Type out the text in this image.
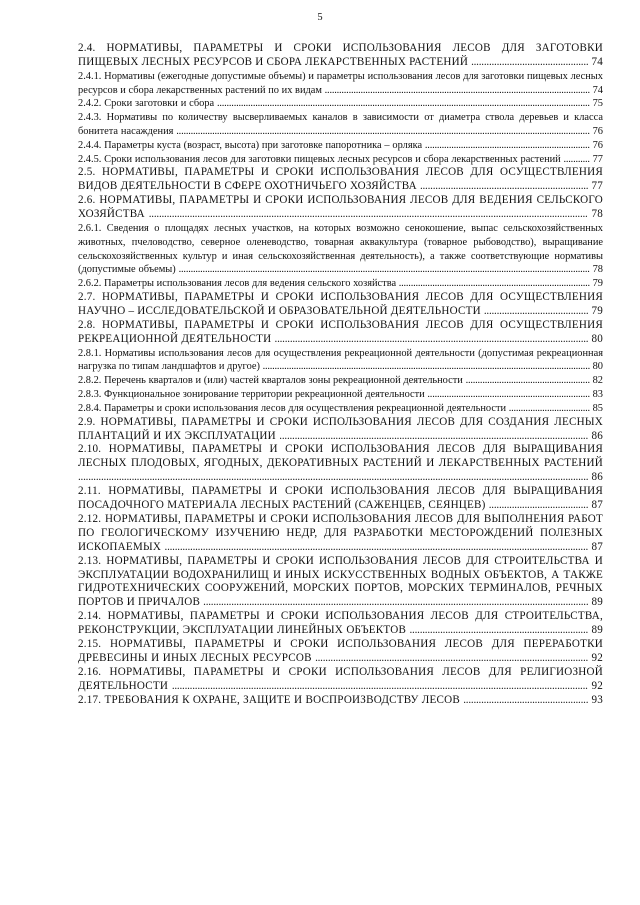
5
2.4. НОРМАТИВЫ, ПАРАМЕТРЫ И СРОКИ ИСПОЛЬЗОВАНИЯ ЛЕСОВ ДЛЯ ЗАГОТОВКИ ПИЩЕВЫХ ЛЕСНЫХ РЕСУРСОВ И СБОРА ЛЕКАРСТВЕННЫХ РАСТЕНИЙ .............................................. 74
2.4.1. Нормативы (ежегодные допустимые объемы) и параметры использования лесов для заготовки пищевых лесных ресурсов и сбора лекарственных растений по их видам ............................................................................................................... 74
2.4.2. Сроки заготовки и сбора ............................................................................................................................................................ 75
2.4.3. Нормативы по количеству высверливаемых каналов в зависимости от диаметра ствола деревьев и класса бонитета насаждения ............................................................................................................................................................................. 76
2.4.4. Параметры куста (возраст, высота) при заготовке папоротника – орляка ..................................................................... 76
2.4.5. Сроки использования лесов для заготовки пищевых лесных ресурсов и сбора лекарственных растений ........... 77
2.5. НОРМАТИВЫ, ПАРАМЕТРЫ И СРОКИ ИСПОЛЬЗОВАНИЯ ЛЕСОВ ДЛЯ ОСУЩЕСТВЛЕНИЯ ВИДОВ ДЕЯТЕЛЬНОСТИ В СФЕРЕ ОХОТНИЧЬЕГО ХОЗЯЙСТВА .................................................................. 77
2.6. НОРМАТИВЫ, ПАРАМЕТРЫ И СРОКИ ИСПОЛЬЗОВАНИЯ ЛЕСОВ ДЛЯ ВЕДЕНИЯ СЕЛЬСКОГО ХОЗЯЙСТВА ............................................................................................................................................................................ 78
2.6.1. Сведения о площадях лесных участков, на которых возможно сенокошение, выпас сельскохозяйственных животных, пчеловодство, северное оленеводство, товарная аквакультура (товарное рыбоводство), выращивание сельскохозяйственных культур и иная сельскохозяйственная деятельность), а также соответствующие нормативы (допустимые объемы) ............................................................................................................................................................................ 78
2.6.2. Параметры использования лесов для ведения сельского хозяйства ................................................................................ 79
2.7. НОРМАТИВЫ, ПАРАМЕТРЫ И СРОКИ ИСПОЛЬЗОВАНИЯ ЛЕСОВ ДЛЯ ОСУЩЕСТВЛЕНИЯ НАУЧНО – ИССЛЕДОВАТЕЛЬСКОЙ И ОБРАЗОВАТЕЛЬНОЙ ДЕЯТЕЛЬНОСТИ ......................................... 79
2.8. НОРМАТИВЫ, ПАРАМЕТРЫ И СРОКИ ИСПОЛЬЗОВАНИЯ ЛЕСОВ ДЛЯ ОСУЩЕСТВЛЕНИЯ РЕКРЕАЦИОННОЙ ДЕЯТЕЛЬНОСТИ ........................................................................................................................... 80
2.8.1. Нормативы использования лесов для осуществления рекреационной деятельности (допустимая рекреационная нагрузка по типам ландшафтов и другое) ......................................................................................................................................... 80
2.8.2. Перечень кварталов и (или) частей кварталов зоны рекреационной деятельности .................................................... 82
2.8.3. Функциональное зонирование территории рекреационной деятельности .................................................................... 83
2.8.4. Параметры и сроки использования лесов для осуществления рекреационной деятельности .................................. 85
2.9. НОРМАТИВЫ, ПАРАМЕТРЫ И СРОКИ ИСПОЛЬЗОВАНИЯ ЛЕСОВ ДЛЯ СОЗДАНИЯ ЛЕСНЫХ ПЛАНТАЦИЙ И ИХ ЭКСПЛУАТАЦИИ ......................................................................................................................... 86
2.10. НОРМАТИВЫ, ПАРАМЕТРЫ И СРОКИ ИСПОЛЬЗОВАНИЯ ЛЕСОВ ДЛЯ ВЫРАЩИВАНИЯ ЛЕСНЫХ ПЛОДОВЫХ, ЯГОДНЫХ, ДЕКОРАТИВНЫХ РАСТЕНИЙ И ЛЕКАРСТВЕННЫХ РАСТЕНИЙ ........................................................................................................................................................................................................ 86
2.11. НОРМАТИВЫ, ПАРАМЕТРЫ И СРОКИ ИСПОЛЬЗОВАНИЯ ЛЕСОВ ДЛЯ ВЫРАЩИВАНИЯ ПОСАДОЧНОГО МАТЕРИАЛА ЛЕСНЫХ РАСТЕНИЙ (САЖЕНЦЕВ, СЕЯНЦЕВ) ....................................... 87
2.12. НОРМАТИВЫ, ПАРАМЕТРЫ И СРОКИ ИСПОЛЬЗОВАНИЯ ЛЕСОВ ДЛЯ ВЫПОЛНЕНИЯ РАБОТ ПО ГЕОЛОГИЧЕСКОМУ ИЗУЧЕНИЮ НЕДР, ДЛЯ РАЗРАБОТКИ МЕСТОРОЖДЕНИЙ ПОЛЕЗНЫХ ИСКОПАЕМЫХ ...................................................................................................................................................................... 87
2.13. НОРМАТИВЫ, ПАРАМЕТРЫ И СРОКИ ИСПОЛЬЗОВАНИЯ ЛЕСОВ ДЛЯ СТРОИТЕЛЬСТВА И ЭКСПЛУАТАЦИИ ВОДОХРАНИЛИЩ И ИНЫХ ИСКУССТВЕННЫХ ВОДНЫХ ОБЪЕКТОВ, А ТАКЖЕ ГИДРОТЕХНИЧЕСКИХ СООРУЖЕНИЙ, МОРСКИХ ПОРТОВ, МОРСКИХ ТЕРМИНАЛОВ, РЕЧНЫХ ПОРТОВ И ПРИЧАЛОВ ....................................................................................................................................................... 89
2.14. НОРМАТИВЫ, ПАРАМЕТРЫ И СРОКИ ИСПОЛЬЗОВАНИЯ ЛЕСОВ ДЛЯ СТРОИТЕЛЬСТВА, РЕКОНСТРУКЦИИ, ЭКСПЛУАТАЦИИ ЛИНЕЙНЫХ ОБЪЕКТОВ ...................................................................... 89
2.15. НОРМАТИВЫ, ПАРАМЕТРЫ И СРОКИ ИСПОЛЬЗОВАНИЯ ЛЕСОВ ДЛЯ ПЕРЕРАБОТКИ ДРЕВЕСИНЫ И ИНЫХ ЛЕСНЫХ РЕСУРСОВ ........................................................................................................... 92
2.16. НОРМАТИВЫ, ПАРАМЕТРЫ И СРОКИ ИСПОЛЬЗОВАНИЯ ЛЕСОВ ДЛЯ РЕЛИГИОЗНОЙ ДЕЯТЕЛЬНОСТИ ................................................................................................................................................................... 92
2.17. ТРЕБОВАНИЯ К ОХРАНЕ, ЗАЩИТЕ И ВОСПРОИЗВОДСТВУ ЛЕСОВ ................................................. 93
